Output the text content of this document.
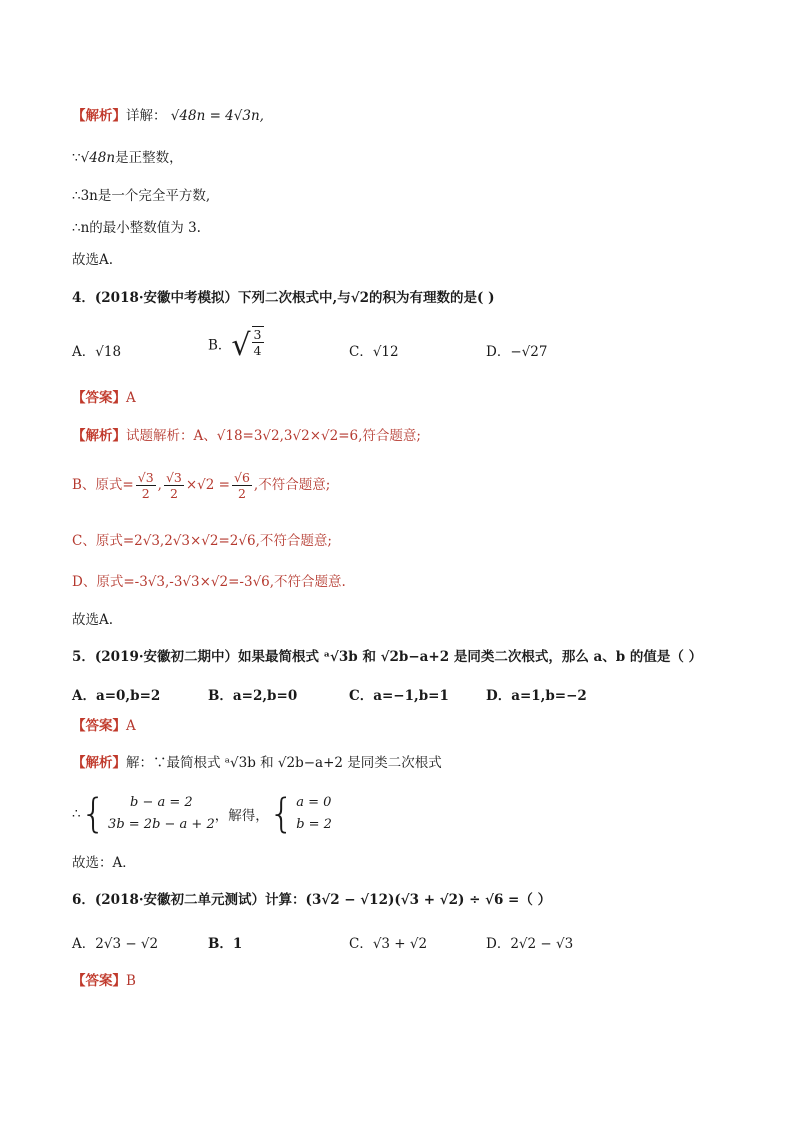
【解析】详解： √48n = 4√3n,
∵√48n是正整数，
∴3n是一个完全平方数,
∴n的最小整数值为 3.
故选A.
4．(2018·安徽中考模拟）下列二次根式中,与√2的积为有理数的是( )
A．√18	B． √ $\frac{3}{4}$	C．√12	D．−√27
【答案】A
【解析】试题解析：A、√18=3√2,3√2×√2=6,符合题意;
B、原式= $\frac{√3}{2}$ , $\frac{√3}{2} \times√2 = \frac{√6}{2}$ ,不符合题意;
C、原式=2√3,2√3×√2=2√6,不符合题意;
D、原式=-3√3,-3√3×√2=-3√6,不符合题意.
故选A.
5．(2019·安徽初二期中）如果最简根式 ᵃ√3b 和 √2b−a+2 是同类二次根式，那么 a、b 的值是（ ）
A．a=0,b=2	B．a=2,b=0	C．a=−1,b=1	D．a=1,b=−2
【答案】A
【解析】解：∵最简根式 ᵃ√3b 和 √2b−a+2 是同类二次根式
∴ {	b − a = 2
3b = 2b − a + 2
，解得， { a = 0
b = 2
故选：A．
6．(2018·安徽初二单元测试）计算：(3√2 − √12)(√3 + √2) ÷ √6 =（ ）
A．2√3 − √2	B．1	C．√3 + √2	D．2√2 − √3
【答案】B
